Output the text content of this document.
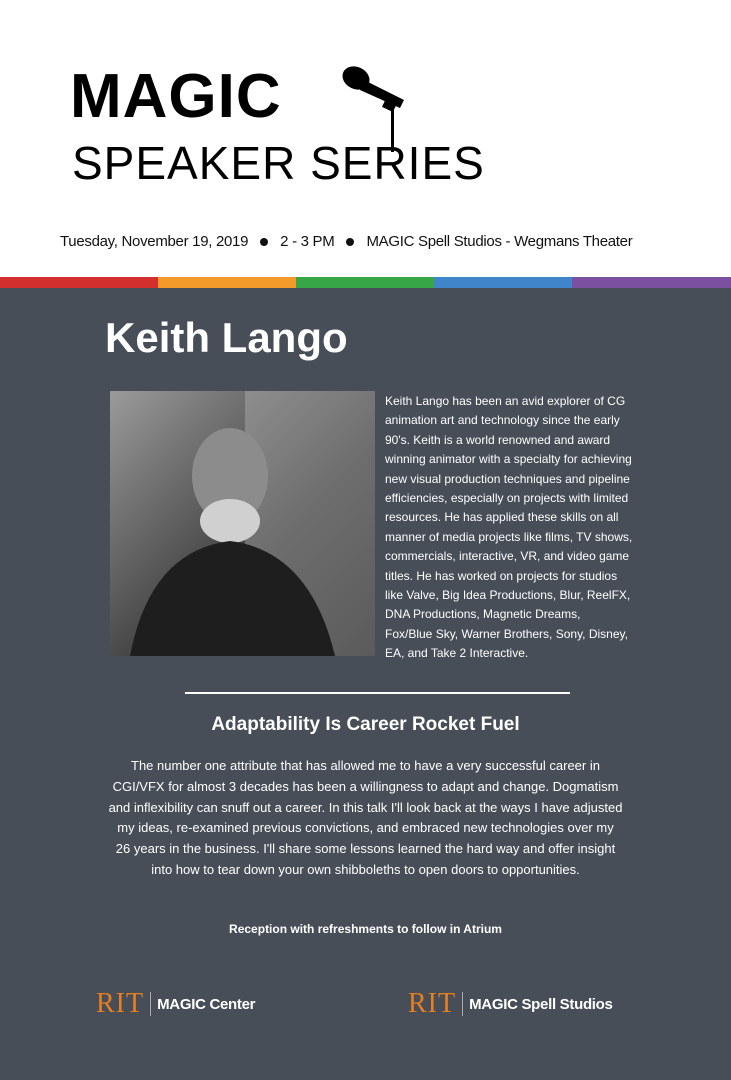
MAGIC
SPEAKER SERIES
Tuesday, November 19, 2019 2 - 3 PM MAGIC Spell Studios - Wegmans Theater
Keith Lango
Keith Lango has been an avid explorer of CG
animation art and technology since the early
90's. Keith is a world renowned and award
winning animator with a specialty for achieving
new visual production techniques and pipeline
efficiencies, especially on projects with limited
resources. He has applied these skills on all
manner of media projects like films, TV shows,
commercials, interactive, VR, and video game
titles. He has worked on projects for studios
like Valve, Big Idea Productions, Blur, ReelFX,
DNA Productions, Magnetic Dreams,
Fox/Blue Sky, Warner Brothers, Sony, Disney,
EA, and Take 2 Interactive.
Adaptability Is Career Rocket Fuel
The number one attribute that has allowed me to have a very successful career in
CGI/VFX for almost 3 decades has been a willingness to adapt and change. Dogmatism
and inflexibility can snuff out a career. In this talk I'll look back at the ways I have adjusted
my ideas, re-examined previous convictions, and embraced new technologies over my
26 years in the business. I'll share some lessons learned the hard way and offer insight
into how to tear down your own shibboleths to open doors to opportunities.
Reception with refreshments to follow in Atrium
RIT MAGIC Center	RIT MAGIC Spell Studios
